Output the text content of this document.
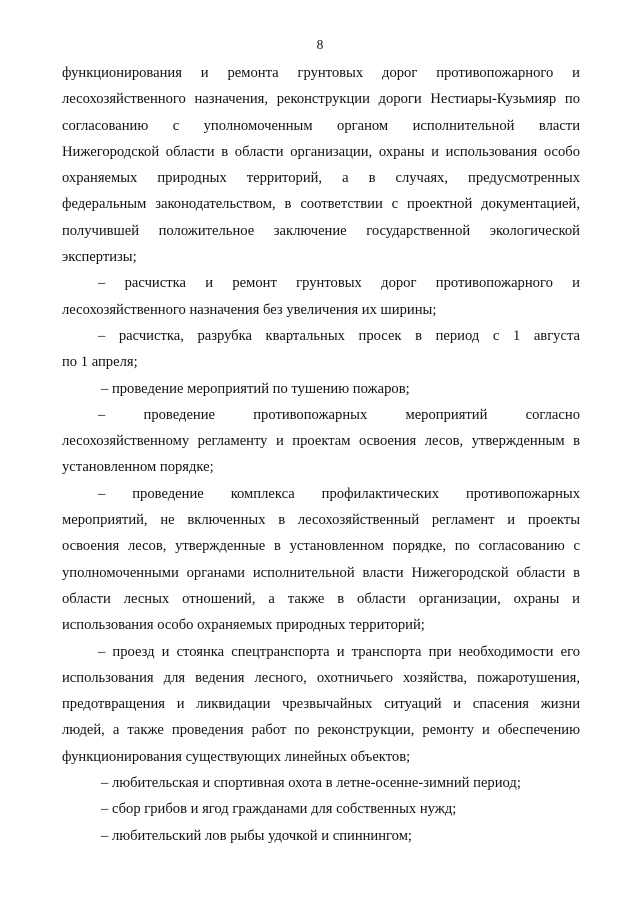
8
функционирования и ремонта грунтовых дорог противопожарного и
лесохозяйственного назначения, реконструкции дороги Нестиары-Кузьмияр по
согласованию с уполномоченным органом исполнительной власти
Нижегородской области в области организации, охраны и использования особо
охраняемых природных территорий, а в случаях, предусмотренных
федеральным законодательством, в соответствии с проектной документацией,
получившей положительное заключение государственной экологической
экспертизы;
– расчистка и ремонт грунтовых дорог противопожарного и
лесохозяйственного назначения без увеличения их ширины;
– расчистка, разрубка квартальных просек в период с 1 августа
по 1 апреля;
– проведение мероприятий по тушению пожаров;
– проведение противопожарных мероприятий согласно
лесохозяйственному регламенту и проектам освоения лесов, утвержденным в
установленном порядке;
– проведение комплекса профилактических противопожарных
мероприятий, не включенных в лесохозяйственный регламент и проекты
освоения лесов, утвержденные в установленном порядке, по согласованию с
уполномоченными органами исполнительной власти Нижегородской области в
области лесных отношений, а также в области организации, охраны и
использования особо охраняемых природных территорий;
– проезд и стоянка спецтранспорта и транспорта при необходимости его
использования для ведения лесного, охотничьего хозяйства, пожаротушения,
предотвращения и ликвидации чрезвычайных ситуаций и спасения жизни
людей, а также проведения работ по реконструкции, ремонту и обеспечению
функционирования существующих линейных объектов;
– любительская и спортивная охота в летне-осенне-зимний период;
– сбор грибов и ягод гражданами для собственных нужд;
– любительский лов рыбы удочкой и спиннингом;
